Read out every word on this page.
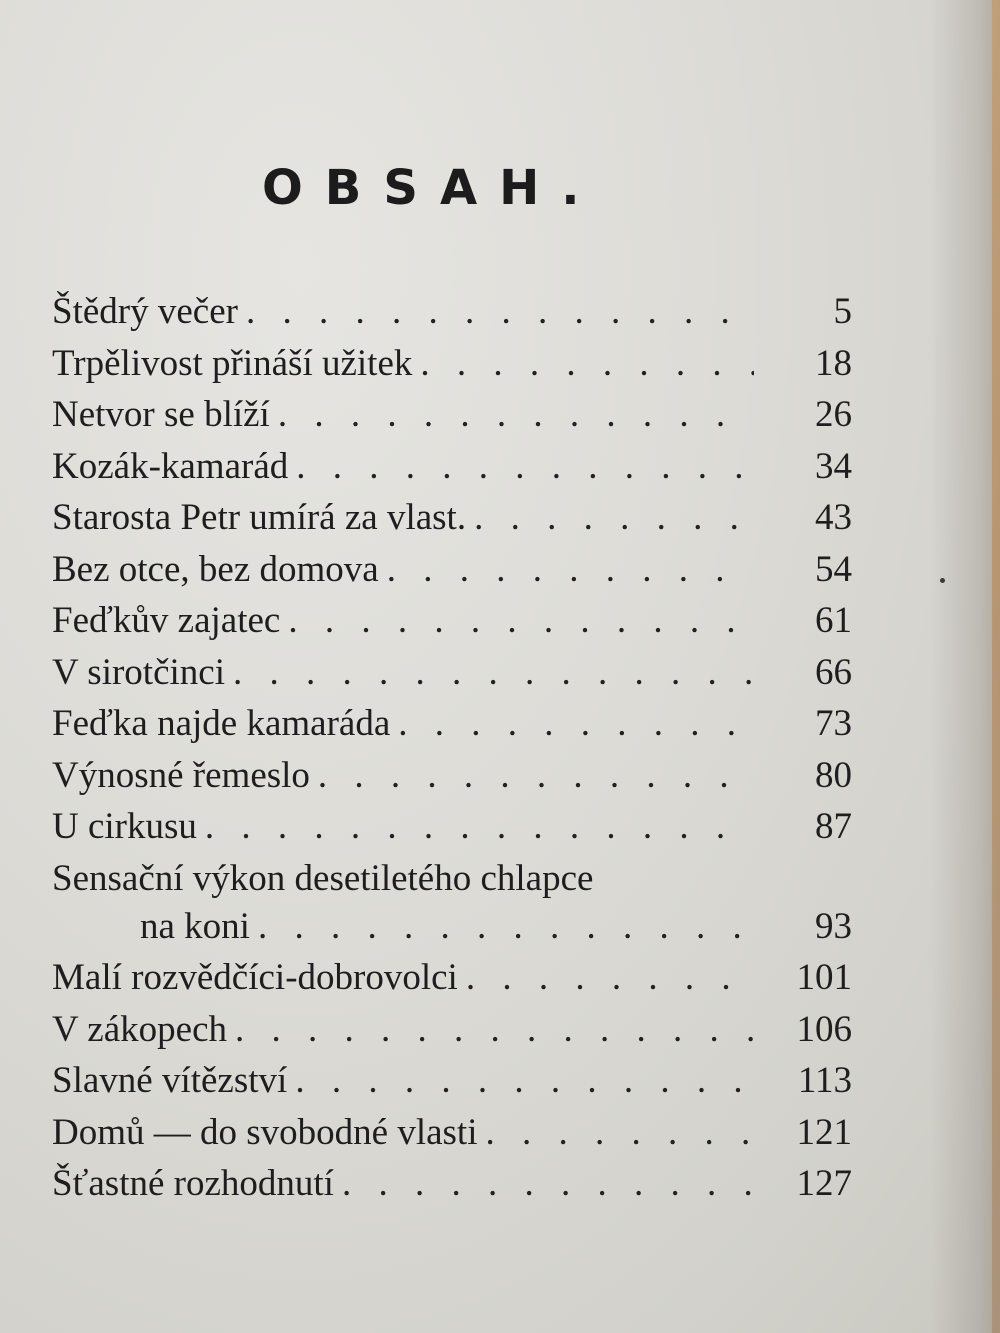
OBSAH.
Štědrý večer . . .	5
Trpělivost přináší užitek . . .	18
Netvor se blíží . . .	26
Kozák-kamarád . . .	34
Starosta Petr umírá za vlast. . . .	43
Bez otce, bez domova . . .	54
Feďkův zajatec . . .	61
V sirotčinci . . .	66
Feďka najde kamaráda . . .	73
Výnosné řemeslo . . .	80
U cirkusu . . .	87
Sensační výkon desetiletého chlapce
na koni . . .	93
Malí rozvědčíci-dobrovolci . . .	101
V zákopech . . .	106
Slavné vítězství . . .	113
Domů — do svobodné vlasti . . .	121
Šťastné rozhodnutí . . .	127
